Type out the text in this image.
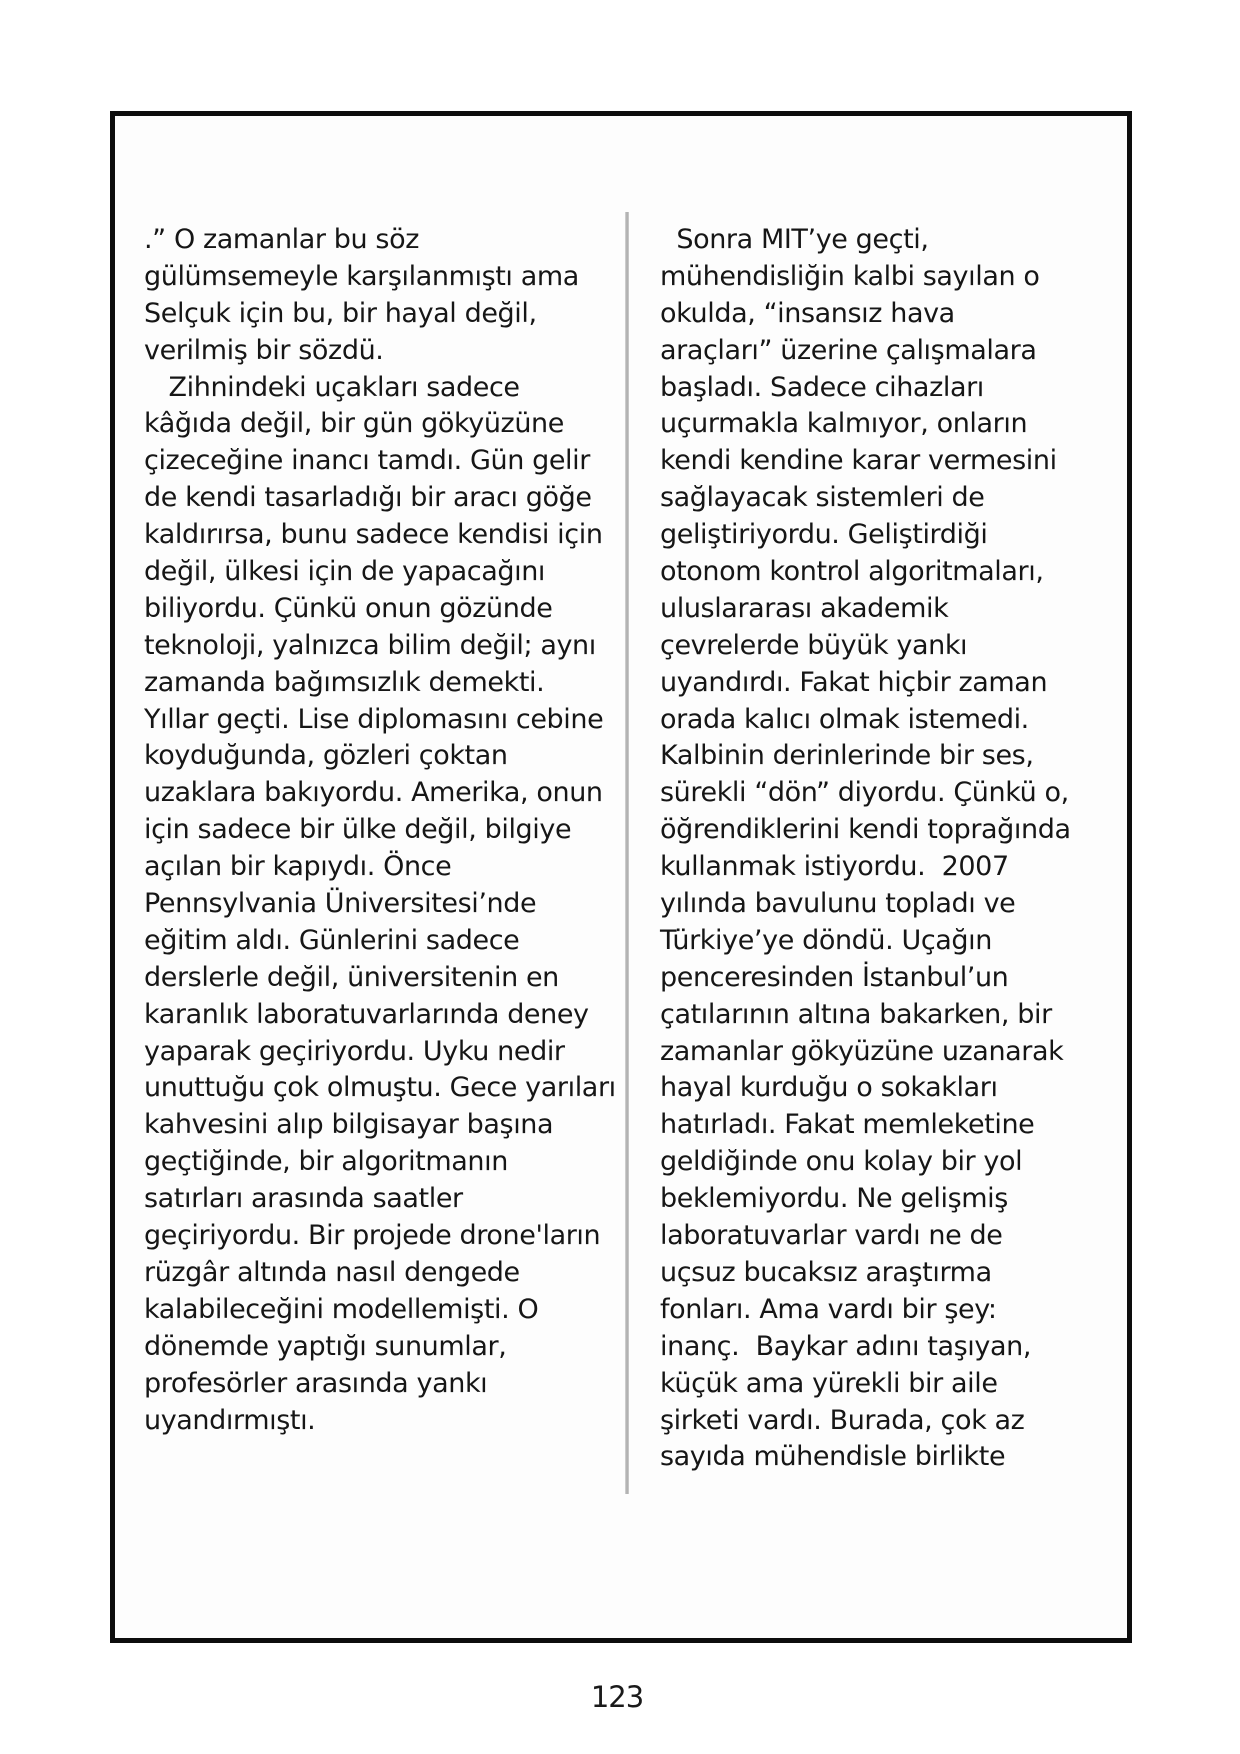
.” O zamanlar bu söz
gülümsemeyle karşılanmıştı ama
Selçuk için bu, bir hayal değil,
verilmiş bir sözdü.
Zihnindeki uçakları sadece
kâğıda değil, bir gün gökyüzüne
çizeceğine inancı tamdı. Gün gelir
de kendi tasarladığı bir aracı göğe
kaldırırsa, bunu sadece kendisi için
değil, ülkesi için de yapacağını
biliyordu. Çünkü onun gözünde
teknoloji, yalnızca bilim değil; aynı
zamanda bağımsızlık demekti.
Yıllar geçti. Lise diplomasını cebine
koyduğunda, gözleri çoktan
uzaklara bakıyordu. Amerika, onun
için sadece bir ülke değil, bilgiye
açılan bir kapıydı. Önce
Pennsylvania Üniversitesi’nde
eğitim aldı. Günlerini sadece
derslerle değil, üniversitenin en
karanlık laboratuvarlarında deney
yaparak geçiriyordu. Uyku nedir
unuttuğu çok olmuştu. Gece yarıları
kahvesini alıp bilgisayar başına
geçtiğinde, bir algoritmanın
satırları arasında saatler
geçiriyordu. Bir projede drone'ların
rüzgâr altında nasıl dengede
kalabileceğini modellemişti. O
dönemde yaptığı sunumlar,
profesörler arasında yankı
uyandırmıştı.
Sonra MIT’ye geçti,
mühendisliğin kalbi sayılan o
okulda, “insansız hava
araçları” üzerine çalışmalara
başladı. Sadece cihazları
uçurmakla kalmıyor, onların
kendi kendine karar vermesini
sağlayacak sistemleri de
geliştiriyordu. Geliştirdiği
otonom kontrol algoritmaları,
uluslararası akademik
çevrelerde büyük yankı
uyandırdı. Fakat hiçbir zaman
orada kalıcı olmak istemedi.
Kalbinin derinlerinde bir ses,
sürekli “dön” diyordu. Çünkü o,
öğrendiklerini kendi toprağında
kullanmak istiyordu.  2007
yılında bavulunu topladı ve
Türkiye’ye döndü. Uçağın
penceresinden İstanbul’un
çatılarının altına bakarken, bir
zamanlar gökyüzüne uzanarak
hayal kurduğu o sokakları
hatırladı. Fakat memleketine
geldiğinde onu kolay bir yol
beklemiyordu. Ne gelişmiş
laboratuvarlar vardı ne de
uçsuz bucaksız araştırma
fonları. Ama vardı bir şey:
inanç.  Baykar adını taşıyan,
küçük ama yürekli bir aile
şirketi vardı. Burada, çok az
sayıda mühendisle birlikte
123
